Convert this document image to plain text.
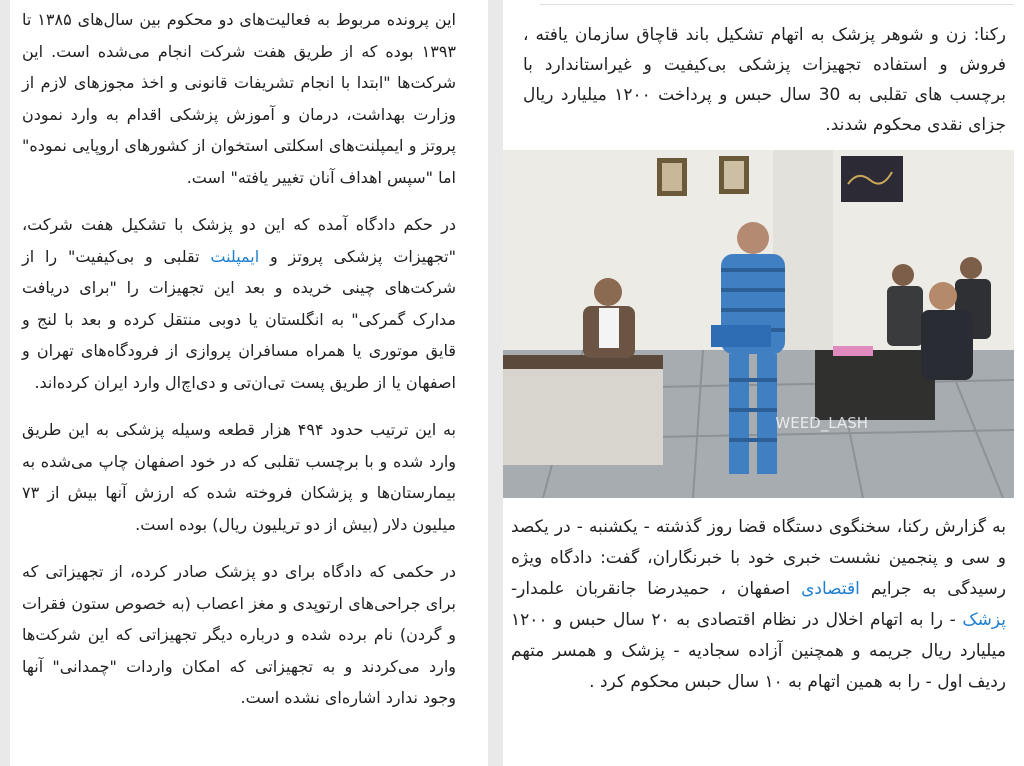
این پرونده مربوط به فعالیت‌های دو محکوم بین سال‌های ۱۳۸۵ تا ۱۳۹۳ بوده که از طریق هفت شرکت انجام می‌شده است. این شرکت‌ها "ابتدا با انجام تشریفات قانونی و اخذ مجوزهای لازم از وزارت بهداشت، درمان و آموزش پزشکی اقدام به وارد نمودن پروتز و ایمپلنت‌های اسکلتی استخوان از کشورهای اروپایی نموده" اما "سپس اهداف آنان تغییر یافته" است.

در حکم دادگاه آمده که این دو پزشک با تشکیل هفت شرکت، "تجهیزات پزشکی پروتز و ایمپلنت تقلبی و بی‌کیفیت" را از شرکت‌های چینی خریده و بعد این تجهیزات را "برای دریافت مدارک گمرکی" به انگلستان یا دوبی منتقل کرده و بعد با لنج و قایق موتوری یا همراه مسافران پروازی از فرودگاه‌های تهران و اصفهان یا از طریق پست تی‌ان‌تی و دی‌اچ‌ال وارد ایران کرده‌اند.

به این ترتیب حدود ۴۹۴ هزار قطعه وسیله پزشکی به این طریق وارد شده و با برچسب تقلبی که در خود اصفهان چاپ می‌شده به بیمارستان‌ها و پزشکان فروخته شده که ارزش آنها بیش از ۷۳ میلیون دلار (بیش از دو تریلیون ریال) بوده است.

در حکمی که دادگاه برای دو پزشک صادر کرده، از تجهیزاتی که برای جراحی‌های ارتوپدی و مغز اعصاب (به خصوص ستون فقرات و گردن) نام برده شده و درباره دیگر تجهیزاتی که این شرکت‌ها وارد می‌کردند و به تجهیزاتی که امکان واردات "چمدانی" آنها وجود ندارد اشاره‌ای نشده است.

رکنا: زن و شوهر پزشک به اتهام تشکیل باند قاچاق سازمان یافته ، فروش و استفاده تجهیزات پزشکی بی‌کیفیت و غیراستاندارد با برچسب های تقلبی به 30 سال حبس و پرداخت ۱۲۰۰ میلیارد ریال جزای نقدی محکوم شدند.

WEED_LASH

به گزارش رکنا، سخنگوی دستگاه قضا روز گذشته - یکشنبه - در یکصد و سی و پنجمین نشست خبری خود با خبرنگاران، گفت: دادگاه ویژه رسیدگی به جرایم اقتصادی اصفهان ، حمیدرضا جانقربان علمدار- پزشک - را به اتهام اخلال در نظام اقتصادی به ۲۰ سال حبس و ۱۲۰۰ میلیارد ریال جریمه و همچنین آزاده سجادیه - پزشک و همسر متهم ردیف اول - را به همین اتهام به ۱۰ سال حبس محکوم کرد .
